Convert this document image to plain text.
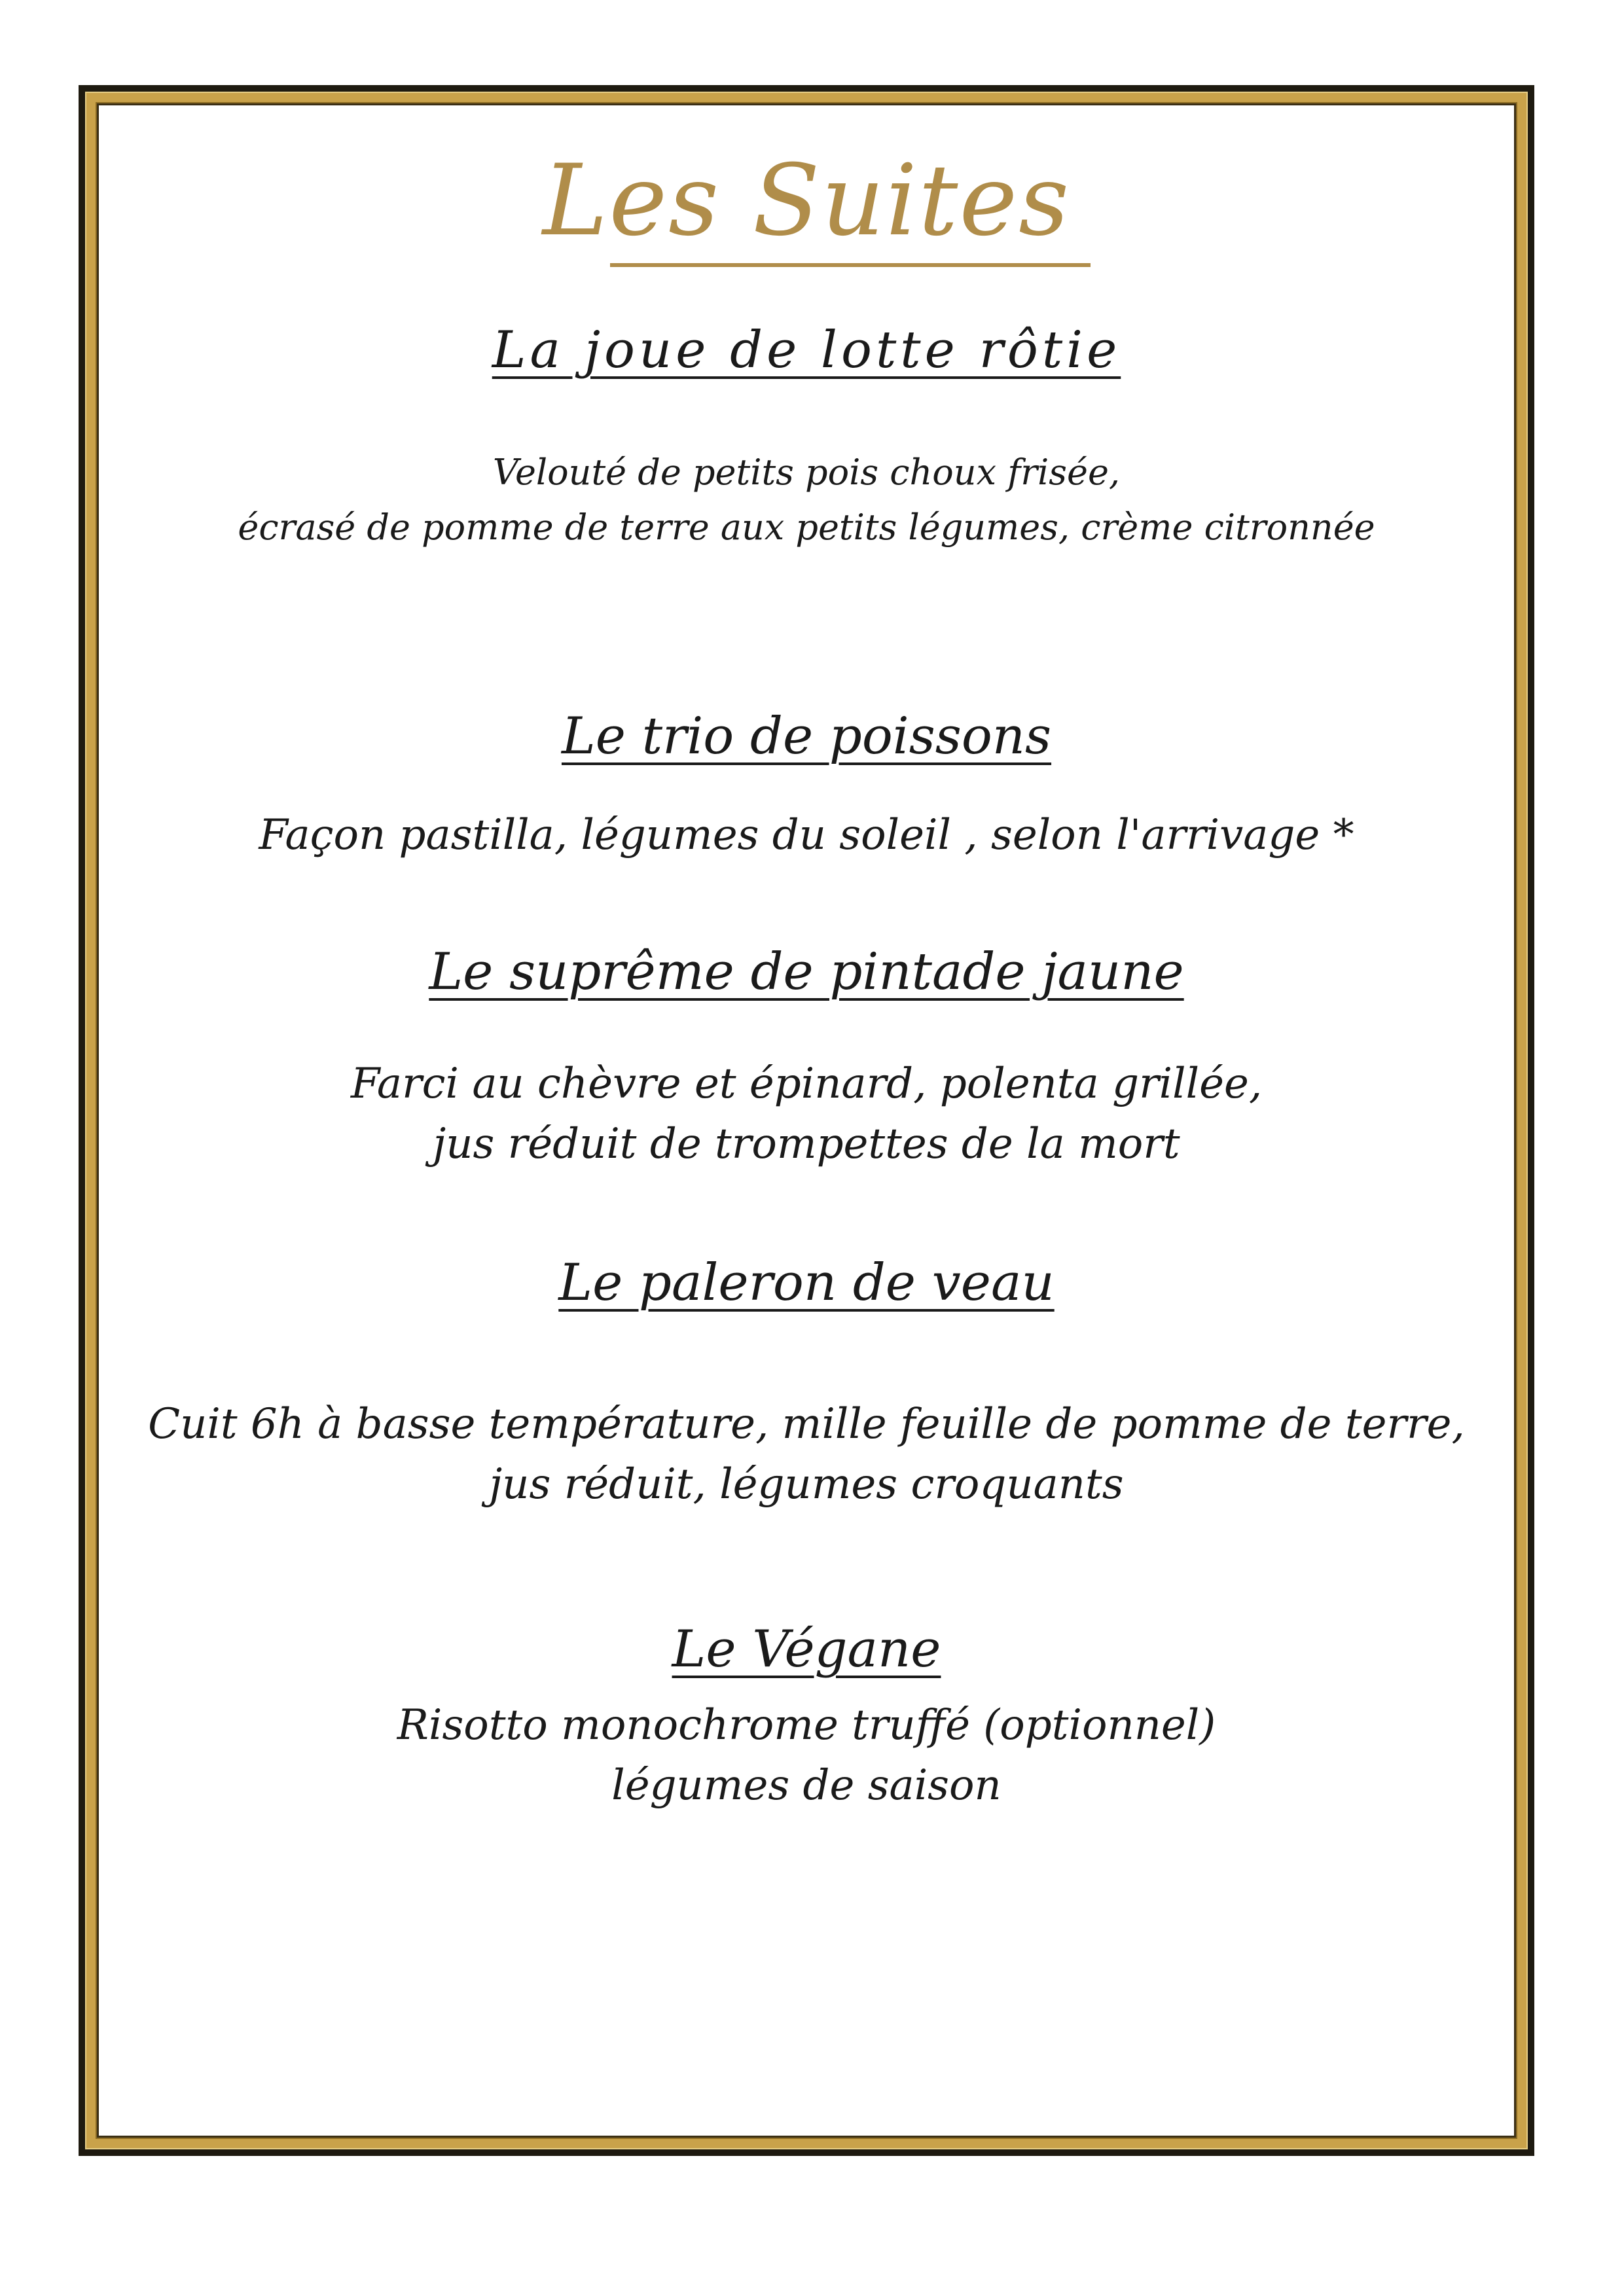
Les Suites
La joue de lotte rôtie
Velouté de petits pois choux frisée,
écrasé de pomme de terre aux petits légumes, crème citronnée
Le trio de poissons
Façon pastilla, légumes du soleil , selon l'arrivage *
Le suprême de pintade jaune
Farci au chèvre et épinard, polenta grillée,
jus réduit de trompettes de la mort
Le paleron de veau
Cuit 6h à basse température, mille feuille de pomme de terre,
jus réduit, légumes croquants
Le Végane
Risotto monochrome truffé (optionnel)
légumes de saison
